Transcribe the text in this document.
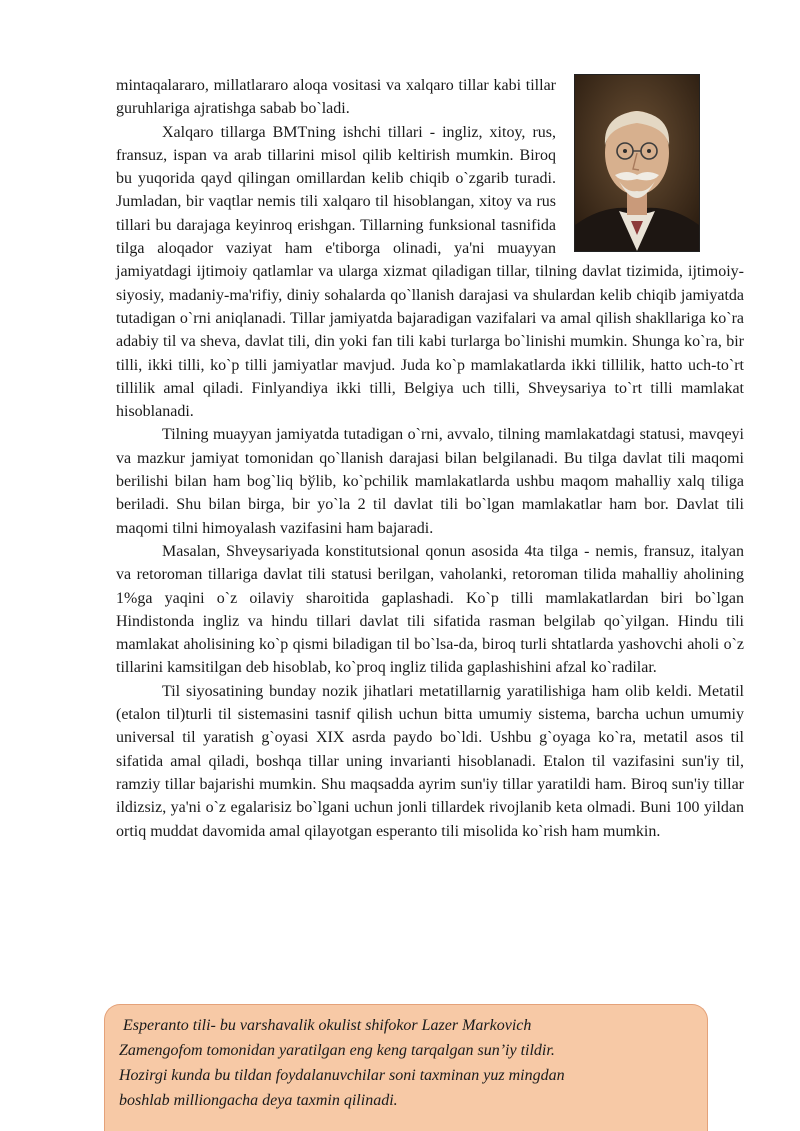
mintaqalararo, millatlararo aloqa vositasi va xalqaro tillar kabi tillar guruhlariga ajratishga sabab bo`ladi.

Xalqaro tillarga BMTning ishchi tillari - ingliz, xitoy, rus, fransuz, ispan va arab tillarini misol qilib keltirish mumkin. Biroq bu yuqorida qayd qilingan omillardan kelib chiqib o`zgarib turadi. Jumladan, bir vaqtlar nemis tili xalqaro til hisoblangan, xitoy va rus tillari bu darajaga keyinroq erishgan. Tillarning funksional tasnifida tilga aloqador vaziyat ham e'tiborga olinadi, ya'ni muayyan jamiyatdagi ijtimoiy qatlamlar va ularga xizmat qiladigan tillar, tilning davlat tizimida, ijtimoiy-siyosiy, madaniy-ma'rifiy, diniy sohalarda qo`llanish darajasi va shulardan kelib chiqib jamiyatda tutadigan o`rni aniqlanadi. Tillar jamiyatda bajaradigan vazifalari va amal qilish shakllariga ko`ra adabiy til va sheva, davlat tili, din yoki fan tili kabi turlarga bo`linishi mumkin. Shunga ko`ra, bir tilli, ikki tilli, ko`p tilli jamiyatlar mavjud. Juda ko`p mamlakatlarda ikki tillilik, hatto uch-to`rt tillilik amal qiladi. Finlyandiya ikki tilli, Belgiya uch tilli, Shveysariya to`rt tilli mamlakat hisoblanadi.

Tilning muayyan jamiyatda tutadigan o`rni, avvalo, tilning mamlakatdagi statusi, mavqeyi va mazkur jamiyat tomonidan qo`llanish darajasi bilan belgilanadi. Bu tilga davlat tili maqomi berilishi bilan ham bog`liq bўlib, ko`pchilik mamlakatlarda ushbu maqom mahalliy xalq tiliga beriladi. Shu bilan birga, bir yo`la 2 til davlat tili bo`lgan mamlakatlar ham bor. Davlat tili maqomi tilni himoyalash vazifasini ham bajaradi.

Masalan, Shveysariyada konstitutsional qonun asosida 4ta tilga - nemis, fransuz, italyan va retoroman tillariga davlat tili statusi berilgan, vaholanki, retoroman tilida mahalliy aholining 1%ga yaqini o`z oilaviy sharoitida gaplashadi. Ko`p tilli mamlakatlardan biri bo`lgan Hindistonda ingliz va hindu tillari davlat tili sifatida rasman belgilab qo`yilgan. Hindu tili mamlakat aholisining ko`p qismi biladigan til bo`lsa-da, biroq turli shtatlarda yashovchi aholi o`z tillarini kamsitilgan deb hisoblab, ko`proq ingliz tilida gaplashishini afzal ko`radilar.

Til siyosatining bunday nozik jihatlari metatillarnig yaratilishiga ham olib keldi. Metatil (etalon til)turli til sistemasini tasnif qilish uchun bitta umumiy sistema, barcha uchun umumiy universal til yaratish g`oyasi XIX asrda paydo bo`ldi. Ushbu g`oyaga ko`ra, metatil asos til sifatida amal qiladi, boshqa tillar uning invarianti hisoblanadi. Etalon til vazifasini sun'iy til, ramziy tillar bajarishi mumkin. Shu maqsadda ayrim sun'iy tillar yaratildi ham. Biroq sun'iy tillar ildizsiz, ya'ni o`z egalarisiz bo`lgani uchun jonli tillardek rivojlanib keta olmadi. Buni 100 yildan ortiq muddat davomida amal qilayotgan esperanto tili misolida ko`rish ham mumkin.

Esperanto tili- bu varshavalik okulist shifokor Lazer Markovich
Zamengofom tomonidan yaratilgan eng keng tarqalgan sun’iy tildir.
Hozirgi kunda bu tildan foydalanuvchilar soni taxminan yuz mingdan
boshlab milliongacha deya taxmin qilinadi.
